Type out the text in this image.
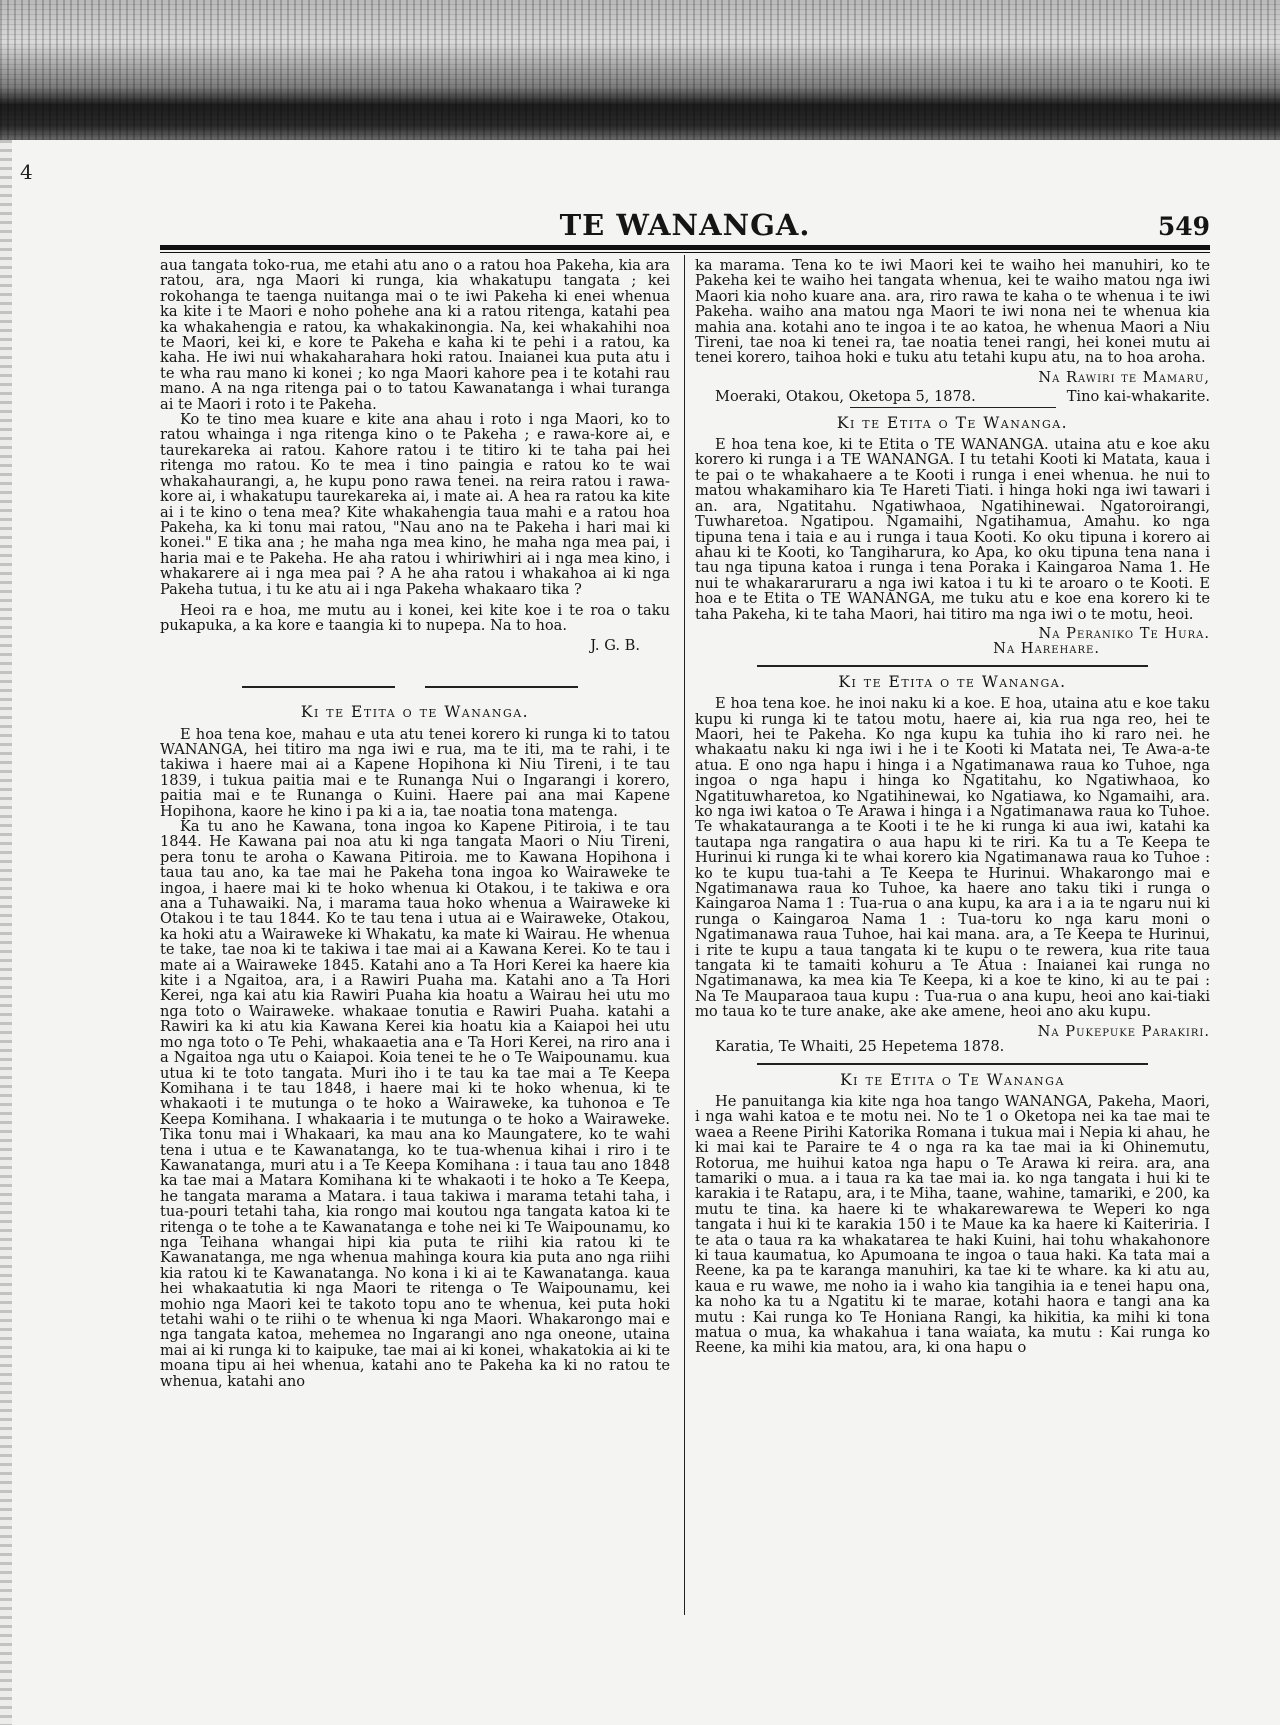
4
TE WANANGA.	549

aua tangata toko-rua, me etahi atu ano o a ratou hoa Pakeha, kia ara ratou, ara, nga Maori ki runga, kia whakatupu tangata ; kei rokohanga te taenga nuitanga mai o te iwi Pakeha ki enei whenua ka kite i te Maori e noho pohehe ana ki a ratou ritenga, katahi pea ka whakahengia e ratou, ka whakakinongia. Na, kei whakahihi noa te Maori, kei ki, e kore te Pakeha e kaha ki te pehi i a ratou, ka kaha. He iwi nui whakaharahara hoki ratou. Inaianei kua puta atu i te wha rau mano ki konei ; ko nga Maori kahore pea i te kotahi rau mano. A na nga ritenga pai o to tatou Kawanatanga i whai turanga ai te Maori i roto i te Pakeha.

Ko te tino mea kuare e kite ana ahau i roto i nga Maori, ko to ratou whainga i nga ritenga kino o te Pakeha ; e rawa-kore ai, e taurekareka ai ratou. Kahore ratou i te titiro ki te taha pai hei ritenga mo ratou. Ko te mea i tino paingia e ratou ko te wai whakahaurangi, a, he kupu pono rawa tenei. na reira ratou i rawa-kore ai, i whakatupu taurekareka ai, i mate ai. A hea ra ratou ka kite ai i te kino o tena mea? Kite whakahengia taua mahi e a ratou hoa Pakeha, ka ki tonu mai ratou, "Nau ano na te Pakeha i hari mai ki konei." E tika ana ; he maha nga mea kino, he maha nga mea pai, i haria mai e te Pakeha. He aha ratou i whiriwhiri ai i nga mea kino, i whakarere ai i nga mea pai ? A he aha ratou i whakahoa ai ki nga Pakeha tutua, i tu ke atu ai i nga Pakeha whakaaro tika ?

Heoi ra e hoa, me mutu au i konei, kei kite koe i te roa o taku pukapuka, a ka kore e taangia ki to nupepa. Na to hoa.

J. G. B.
Ki te Etita o te Wananga.

E hoa tena koe, mahau e uta atu tenei korero ki runga ki to tatou WANANGA, hei titiro ma nga iwi e rua, ma te iti, ma te rahi, i te takiwa i haere mai ai a Kapene Hopihona ki Niu Tireni, i te tau 1839, i tukua paitia mai e te Runanga Nui o Ingarangi i korero, paitia mai e te Runanga o Kuini. Haere pai ana mai Kapene Hopihona, kaore he kino i pa ki a ia, tae noatia tona matenga.

Ka tu ano he Kawana, tona ingoa ko Kapene Pitiroia, i te tau 1844. He Kawana pai noa atu ki nga tangata Maori o Niu Tireni, pera tonu te aroha o Kawana Pitiroia. me to Kawana Hopihona i taua tau ano, ka tae mai he Pakeha tona ingoa ko Wairaweke te ingoa, i haere mai ki te hoko whenua ki Otakou, i te takiwa e ora ana a Tuhawaiki. Na, i marama taua hoko whenua a Wairaweke ki Otakou i te tau 1844. Ko te tau tena i utua ai e Wairaweke, Otakou, ka hoki atu a Wairaweke ki Whakatu, ka mate ki Wairau. He whenua te take, tae noa ki te takiwa i tae mai ai a Kawana Kerei. Ko te tau i mate ai a Wairaweke 1845. Katahi ano a Ta Hori Kerei ka haere kia kite i a Ngaitoa, ara, i a Rawiri Puaha ma. Katahi ano a Ta Hori Kerei, nga kai atu kia Rawiri Puaha kia hoatu a Wairau hei utu mo nga toto o Wairaweke. whakaae tonutia e Rawiri Puaha. katahi a Rawiri ka ki atu kia Kawana Kerei kia hoatu kia a Kaiapoi hei utu mo nga toto o Te Pehi, whakaaetia ana e Ta Hori Kerei, na riro ana i a Ngaitoa nga utu o Kaiapoi. Koia tenei te he o Te Waipounamu. kua utua ki te toto tangata. Muri iho i te tau ka tae mai a Te Keepa Komihana i te tau 1848, i haere mai ki te hoko whenua, ki te whakaoti i te mutunga o te hoko a Wairaweke, ka tuhonoa e Te Keepa Komihana. I whakaaria i te mutunga o te hoko a Wairaweke. Tika tonu mai i Whakaari, ka mau ana ko Maungatere, ko te wahi tena i utua e te Kawanatanga, ko te tua-whenua kihai i riro i te Kawanatanga, muri atu i a Te Keepa Komihana : i taua tau ano 1848 ka tae mai a Matara Komihana ki te whakaoti i te hoko a Te Keepa, he tangata marama a Matara. i taua takiwa i marama tetahi taha, i tua-pouri tetahi taha, kia rongo mai koutou nga tangata katoa ki te ritenga o te tohe a te Kawanatanga e tohe nei ki Te Waipounamu, ko nga Teihana whangai hipi kia puta te riihi kia ratou ki te Kawanatanga, me nga whenua mahinga koura kia puta ano nga riihi kia ratou ki te Kawanatanga. No kona i ki ai te Kawanatanga. kaua hei whakaatutia ki nga Maori te ritenga o Te Waipounamu, kei mohio nga Maori kei te takoto topu ano te whenua, kei puta hoki tetahi wahi o te riihi o te whenua ki nga Maori. Whakarongo mai e nga tangata katoa, mehemea no Ingarangi ano nga oneone, utaina mai ai ki runga ki to kaipuke, tae mai ai ki konei, whakatokia ai ki te moana tipu ai hei whenua, katahi ano te Pakeha ka ki no ratou te whenua, katahi ano

ka marama. Tena ko te iwi Maori kei te waiho hei manuhiri, ko te Pakeha kei te waiho hei tangata whenua, kei te waiho matou nga iwi Maori kia noho kuare ana. ara, riro rawa te kaha o te whenua i te iwi Pakeha. waiho ana matou nga Maori te iwi nona nei te whenua kia mahia ana. kotahi ano te ingoa i te ao katoa, he whenua Maori a Niu Tireni, tae noa ki tenei ra, tae noatia tenei rangi, hei konei mutu ai tenei korero, taihoa hoki e tuku atu tetahi kupu atu, na to hoa aroha.

Na Rawiri te Mamaru,
Moeraki, Otakou, Oketopa 5, 1878.	Tino kai-whakarite.
Ki te Etita o Te Wananga.

E hoa tena koe, ki te Etita o TE WANANGA. utaina atu e koe aku korero ki runga i a TE WANANGA. I tu tetahi Kooti ki Matata, kaua i te pai o te whakahaere a te Kooti i runga i enei whenua. he nui to matou whakamiharo kia Te Hareti Tiati. i hinga hoki nga iwi tawari i an. ara, Ngatitahu. Ngatiwhaoa, Ngatihinewai. Ngatoroirangi, Tuwharetoa. Ngatipou. Ngamaihi, Ngatihamua, Amahu. ko nga tipuna tena i taia e au i runga i taua Kooti. Ko oku tipuna i korero ai ahau ki te Kooti, ko Tangiharura, ko Apa, ko oku tipuna tena nana i tau nga tipuna katoa i runga i tena Poraka i Kaingaroa Nama 1. He nui te whakararuraru a nga iwi katoa i tu ki te aroaro o te Kooti. E hoa e te Etita o TE WANANGA, me tuku atu e koe ena korero ki te taha Pakeha, ki te taha Maori, hai titiro ma nga iwi o te motu, heoi.

Na Peraniko Te Hura.
Na Harehare.
Ki te Etita o te Wananga.

E hoa tena koe. he inoi naku ki a koe. E hoa, utaina atu e koe taku kupu ki runga ki te tatou motu, haere ai, kia rua nga reo, hei te Maori, hei te Pakeha. Ko nga kupu ka tuhia iho ki raro nei. he whakaatu naku ki nga iwi i he i te Kooti ki Matata nei, Te Awa-a-te atua. E ono nga hapu i hinga i a Ngatimanawa raua ko Tuhoe, nga ingoa o nga hapu i hinga ko Ngatitahu, ko Ngatiwhaoa, ko Ngatituwharetoa, ko Ngatihinewai, ko Ngatiawa, ko Ngamaihi, ara. ko nga iwi katoa o Te Arawa i hinga i a Ngatimanawa raua ko Tuhoe. Te whakatauranga a te Kooti i te he ki runga ki aua iwi, katahi ka tautapa nga rangatira o aua hapu ki te riri. Ka tu a Te Keepa te Hurinui ki runga ki te whai korero kia Ngatimanawa raua ko Tuhoe : ko te kupu tua-tahi a Te Keepa te Hurinui. Whakarongo mai e Ngatimanawa raua ko Tuhoe, ka haere ano taku tiki i runga o Kaingaroa Nama 1 : Tua-rua o ana kupu, ka ara i a ia te ngaru nui ki runga o Kaingaroa Nama 1 : Tua-toru ko nga karu moni o Ngatimanawa raua Tuhoe, hai kai mana. ara, a Te Keepa te Hurinui, i rite te kupu a taua tangata ki te kupu o te rewera, kua rite taua tangata ki te tamaiti kohuru a Te Atua : Inaianei kai runga no Ngatimanawa, ka mea kia Te Keepa, ki a koe te kino, ki au te pai : Na Te Mauparaoa taua kupu : Tua-rua o ana kupu, heoi ano kai-tiaki mo taua ko te ture anake, ake ake amene, heoi ano aku kupu.

Na Pukepuke Parakiri.

Karatia, Te Whaiti, 25 Hepetema 1878.

Ki te Etita o Te Wananga

He panuitanga kia kite nga hoa tango WANANGA, Pakeha, Maori, i nga wahi katoa e te motu nei. No te 1 o Oketopa nei ka tae mai te waea a Reene Pirihi Katorika Romana i tukua mai i Nepia ki ahau, he ki mai kai te Paraire te 4 o nga ra ka tae mai ia ki Ohinemutu, Rotorua, me huihui katoa nga hapu o Te Arawa ki reira. ara, ana tamariki o mua. a i taua ra ka tae mai ia. ko nga tangata i hui ki te karakia i te Ratapu, ara, i te Miha, taane, wahine, tamariki, e 200, ka mutu te tina. ka haere ki te whakarewarewa te Weperi ko nga tangata i hui ki te karakia 150 i te Maue ka ka haere ki Kaiteriria. I te ata o taua ra ka whakatarea te haki Kuini, hai tohu whakahonore ki taua kaumatua, ko Apumoana te ingoa o taua haki. Ka tata mai a Reene, ka pa te karanga manuhiri, ka tae ki te whare. ka ki atu au, kaua e ru wawe, me noho ia i waho kia tangihia ia e tenei hapu ona, ka noho ka tu a Ngatitu ki te marae, kotahi haora e tangi ana ka mutu : Kai runga ko Te Honiana Rangi, ka hikitia, ka mihi ki tona matua o mua, ka whakahua i tana waiata, ka mutu : Kai runga ko Reene, ka mihi kia matou, ara, ki ona hapu o
